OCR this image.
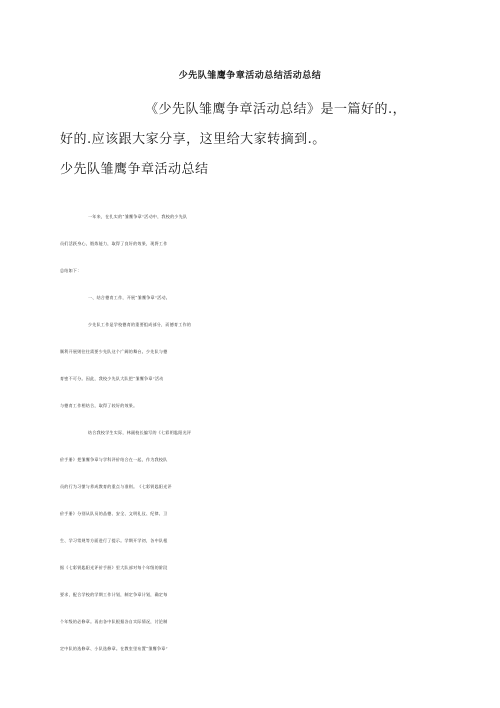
少先队雏鹰争章活动总结活动总结
《少先队雏鹰争章活动总结》是一篇好的.，
好的.应该跟大家分享，这里给大家转摘到.。
少先队雏鹰争章活动总结
一年来，在扎实的“雏鹰争章”活动中，我校的少先队
员们活跃身心，锻炼能力，取得了良好的效果，现将工作
总结如下：
一、结合德育工作，开展“雏鹰争章”活动。
少先队工作是学校德育的重要组成部分，而德育工作的
顺利开展则往往需要少先队这个广阔的舞台。少先队与德
育密不可分。因此，我校少先队大队把“雏鹰争章”活动
与德育工作相结合，取得了较好的效果。
结合我校学生实际，林副校长编写的《七彩钥匙阳光评
价手册》把雏鹰争章与学科评价结合在一起，作为我校队
员的行为习惯与养成教育的重点与准则。《七彩钥匙阳光评
价手册》分别从队员的品德、安全、文明礼仪、纪律、卫
生、学习常规等方面进行了提示。学期开学初，各中队根
据《七彩钥匙阳光评价手册》里大队部对每个年级的阶段
要求，配合学校的学期工作计划，制定争章计划，确定每
个年级的必修章。再由各中队根据各自实际情况，讨论制
定中队的选修章、小队选修章。在教室里布置“雏鹰争章”
